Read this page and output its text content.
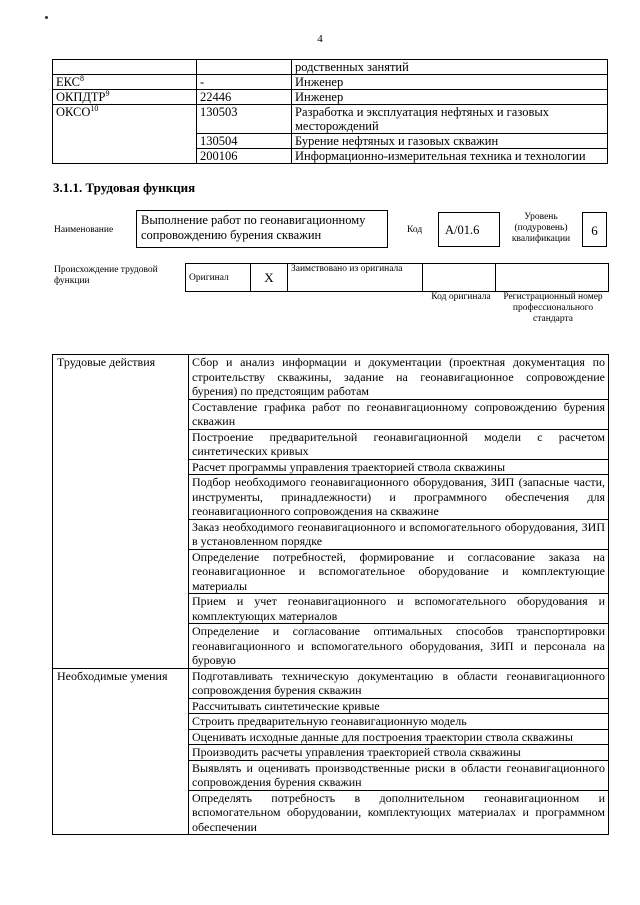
4
		родственных занятий
ЕКС$^8$	-	Инженер
ОКПДТР$^9$	22446	Инженер
ОКСО$^{10}$	130503	Разработка и эксплуатация нефтяных и газовых месторождений
	130504	Бурение нефтяных и газовых скважин
	200106	Информационно-измерительная техника и технологии
3.1.1. Трудовая функция
Наименование
Выполнение работ по геонавигационному сопровождению бурения скважин	Код	A/01.6
Уровень (подуровень) квалификации
6
Происхождение трудовой функции	Оригинал	X	Заимствовано из оригинала		
Код оригинала	Регистрационный номер профессионального стандарта
Трудовые действия	Сбор и анализ информации и документации (проектная документация по строительству скважины, задание на геонавигационное сопровождение бурения) по предстоящим работам
	Составление графика работ по геонавигационному сопровождению бурения скважин
	Построение предварительной геонавигационной модели с расчетом синтетических кривых
	Расчет программы управления траекторией ствола скважины
	Подбор необходимого геонавигационного оборудования, ЗИП (запасные части, инструменты, принадлежности) и программного обеспечения для геонавигационного сопровождения на скважине
	Заказ необходимого геонавигационного и вспомогательного оборудования, ЗИП в установленном порядке
	Определение потребностей, формирование и согласование заказа на геонавигационное и вспомогательное оборудование и комплектующие материалы
	Прием и учет геонавигационного и вспомогательного оборудования и комплектующих материалов
	Определение и согласование оптимальных способов транспортировки геонавигационного и вспомогательного оборудования, ЗИП и персонала на буровую
Необходимые умения	Подготавливать техническую документацию в области геонавигационного сопровождения бурения скважин
	Рассчитывать синтетические кривые
	Строить предварительную геонавигационную модель
	Оценивать исходные данные для построения траектории ствола скважины
	Производить расчеты управления траекторией ствола скважины
	Выявлять и оценивать производственные риски в области геонавигационного сопровождения бурения скважин
	Определять потребность в дополнительном геонавигационном и вспомогательном оборудовании, комплектующих материалах и программном обеспечении
